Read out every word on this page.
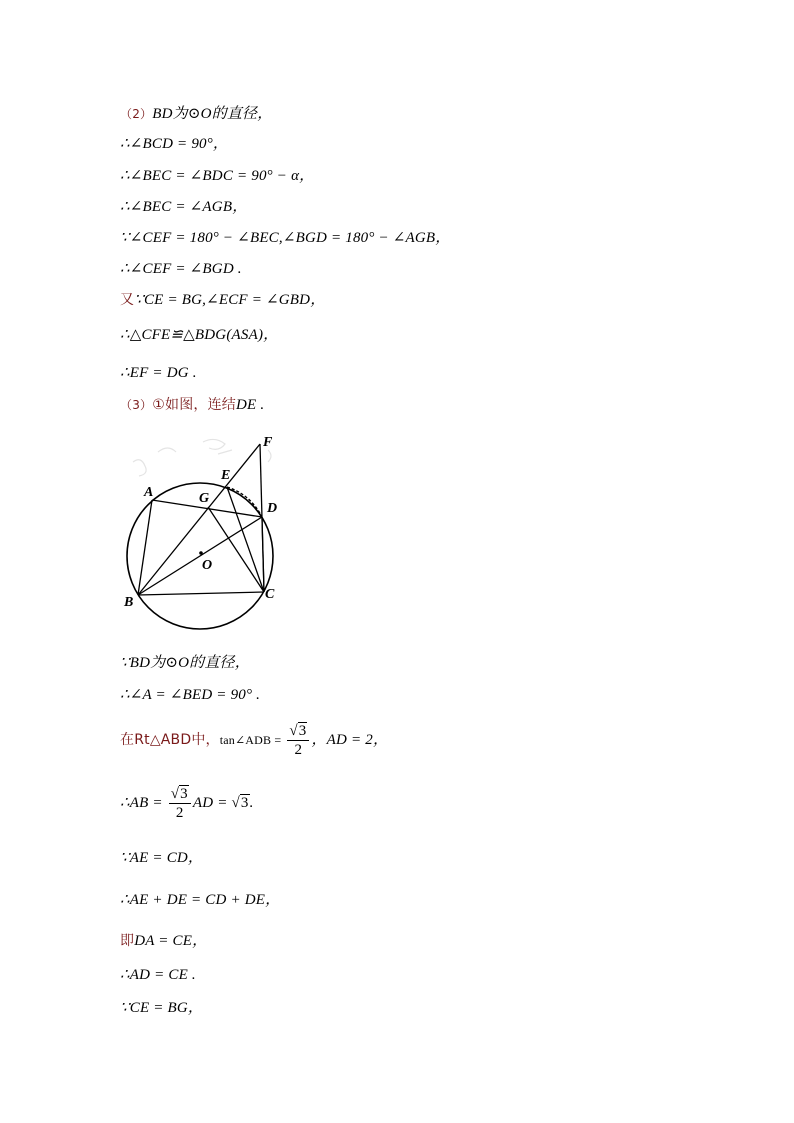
（2）BD为⊙O的直径，
∴∠BCD = 90°，
∴∠BEC = ∠BDC = 90° − α，
∴∠BEC = ∠AGB，
∵∠CEF = 180° − ∠BEC,∠BGD = 180° − ∠AGB，
∴∠CEF = ∠BGD .
又∵CE = BG,∠ECF = ∠GBD，
∴△CFE≌△BDG(ASA)，
∴EF = DG .
（3）①如图，连结DE .
A
B
C
D
E
F
G
O
∵BD为⊙O的直径，
∴∠A = ∠BED = 90° .
在Rt△ABD中，tan∠ADB = $\frac{√3}{2}$ ，AD = 2，
∴AB = $\frac{√3}{2}$ AD = √3.
∵AE = CD，
∴AE + DE = CD + DE，
即DA = CE，
∴AD = CE .
∵CE = BG，
